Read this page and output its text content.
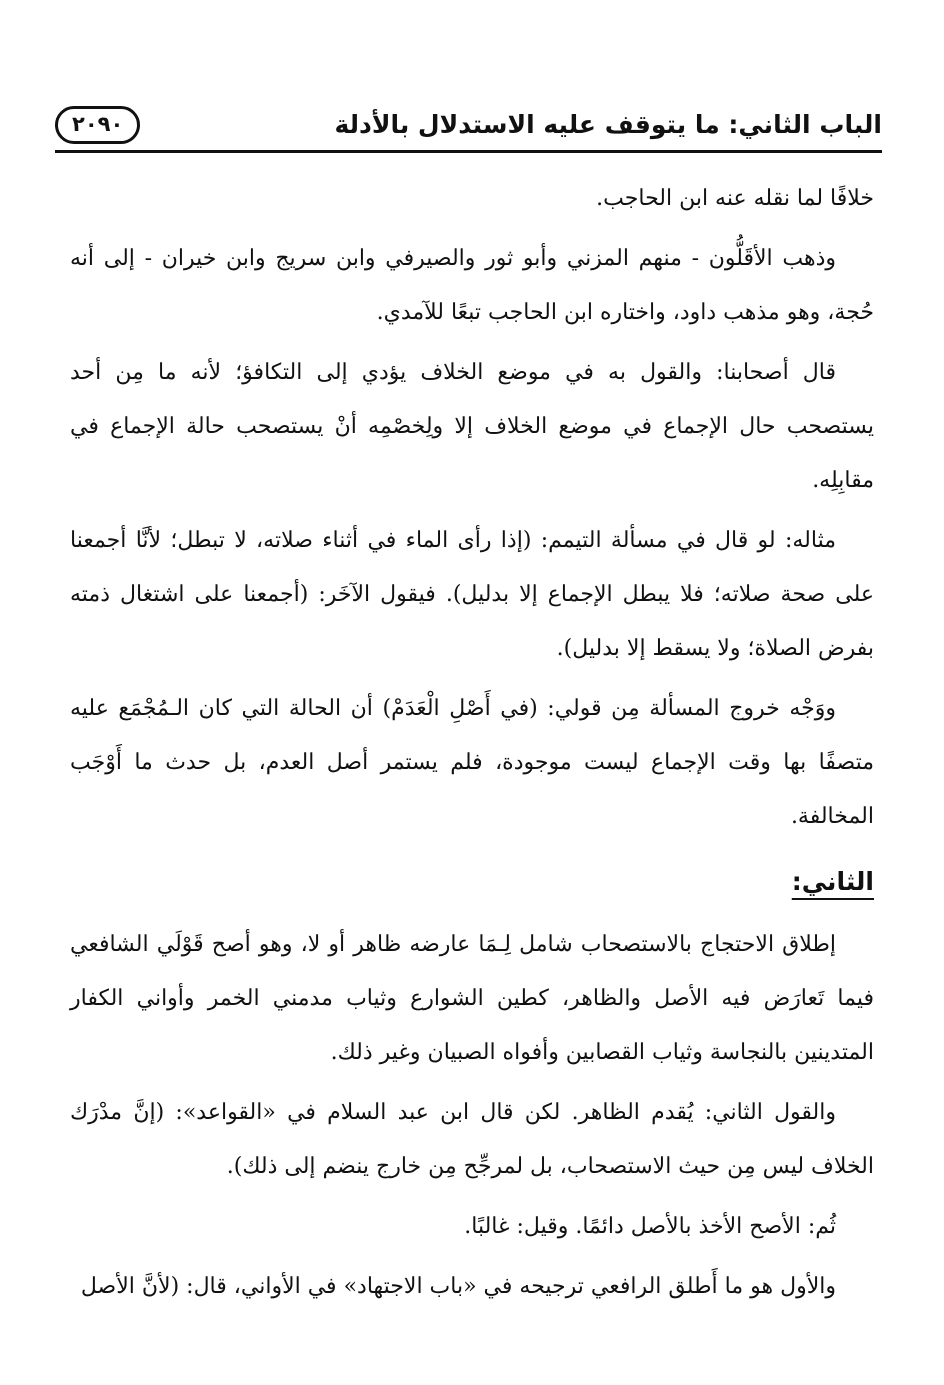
الباب الثاني: ما يتوقف عليه الاستدلال بالأدلة
٢٠٩٠

خلافًا لما نقله عنه ابن الحاجب.

وذهب الأقَلُّون - منهم المزني وأبو ثور والصيرفي وابن سريج وابن خيران - إلى أنه حُجة، وهو مذهب داود، واختاره ابن الحاجب تبعًا للآمدي.

قال أصحابنا: والقول به في موضع الخلاف يؤدي إلى التكافؤ؛ لأنه ما مِن أحد يستصحب حال الإجماع في موضع الخلاف إلا ولِخصْمِه أنْ يستصحب حالة الإجماع في مقابِلِه.

مثاله: لو قال في مسألة التيمم: (إذا رأى الماء في أثناء صلاته، لا تبطل؛ لأنَّا أجمعنا على صحة صلاته؛ فلا يبطل الإجماع إلا بدليل). فيقول الآخَر: (أجمعنا على اشتغال ذمته بفرض الصلاة؛ ولا يسقط إلا بدليل).

ووَجْه خروج المسألة مِن قولي: (في أَصْلِ الْعَدَمْ) أن الحالة التي كان الـمُجْمَع عليه متصفًا بها وقت الإجماع ليست موجودة، فلم يستمر أصل العدم، بل حدث ما أَوْجَب المخالفة.

الثاني:

إطلاق الاحتجاج بالاستصحاب شامل لِـمَا عارضه ظاهر أو لا، وهو أصح قَوْلَي الشافعي فيما تَعارَض فيه الأصل والظاهر، كطين الشوارع وثياب مدمني الخمر وأواني الكفار المتدينين بالنجاسة وثياب القصابين وأفواه الصبيان وغير ذلك.

والقول الثاني: يُقدم الظاهر. لكن قال ابن عبد السلام في «القواعد»: (إنَّ مدْرَك الخلاف ليس مِن حيث الاستصحاب، بل لمرجِّح مِن خارج ينضم إلى ذلك).

ثُم: الأصح الأخذ بالأصل دائمًا. وقيل: غالبًا.

والأول هو ما أَطلق الرافعي ترجيحه في «باب الاجتهاد» في الأواني، قال: (لأنَّ الأصل
